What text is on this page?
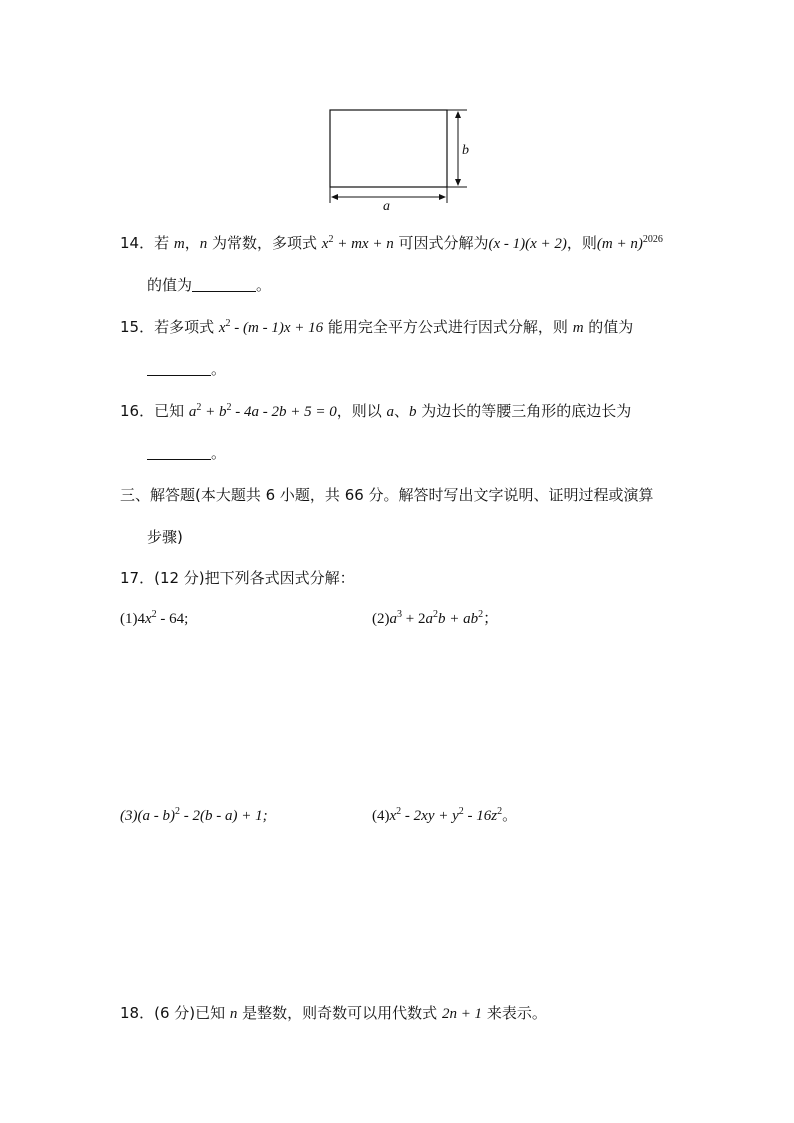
b
a
14．若 m，n 为常数，多项式 $x^2$ + mx + n 可因式分解为(x - 1)(x + 2)，则$(m + n)^{2026}$
的值为	。
15．若多项式 $x^2 - (m - 1)x + 16$ 能用完全平方公式进行因式分解，则 m 的值为
。
16．已知 $a^2 + b^2 - 4a - 2b + 5 = 0$，则以 a、b 为边长的等腰三角形的底边长为
。
三、解答题(本大题共 6 小题，共 66 分。解答时写出文字说明、证明过程或演算
步骤)
17．(12 分)把下列各式因式分解：
$(1)4x^2 - 64$;	$(2)a^3 + 2a^2b + ab^2$；
(3)(a - b)$^2$ - 2(b - a) + 1;	$(4)x^2 - 2xy + y^2 - 16z^2$。
18．(6 分)已知 n 是整数，则奇数可以用代数式 2n + 1 来表示。
